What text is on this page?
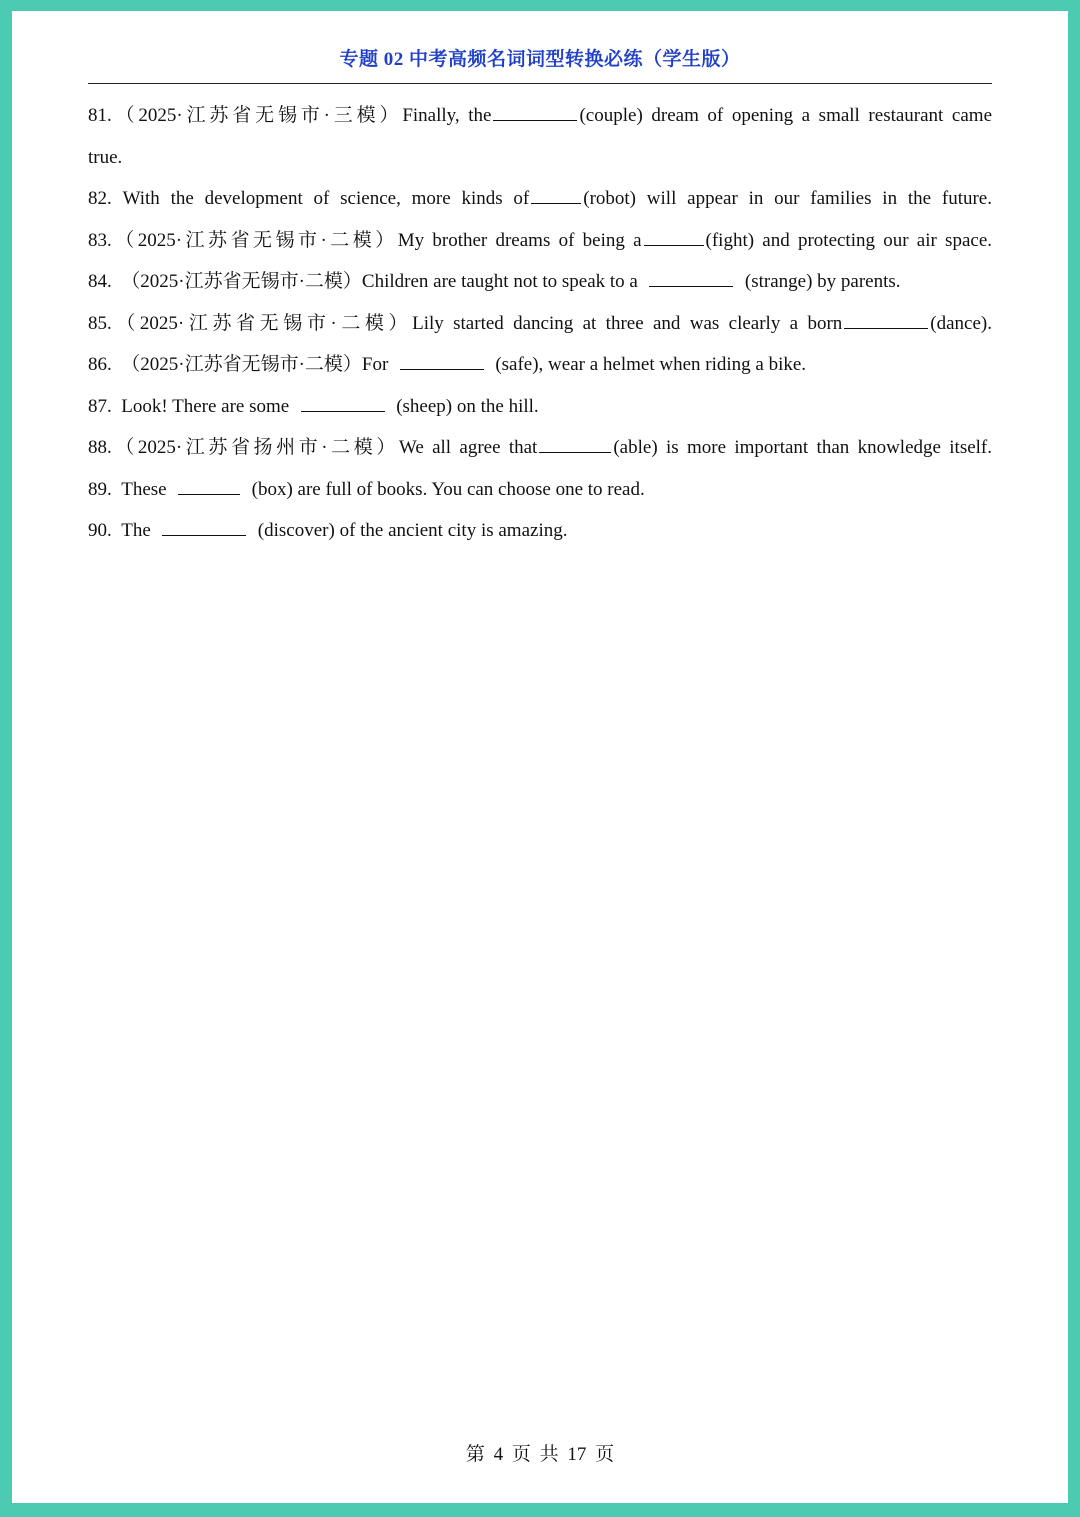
专题 02 中考高频名词词型转换必练（学生版）
81.（2025·江苏省无锡市·三模）Finally, the	(couple) dream of opening a small restaurant came
true.
82. With the development of science, more kinds of	(robot) will appear in our families in the future.
83.（2025·江苏省无锡市·二模）My brother dreams of being a	(fight) and protecting our air space.
84. （2025·江苏省无锡市·二模）Children are taught not to speak to a	(strange) by parents.
85.（2025·江苏省无锡市·二模）Lily started dancing at three and was clearly a born	(dance).
86. （2025·江苏省无锡市·二模）For	(safe), wear a helmet when riding a bike.
87. Look! There are some	(sheep) on the hill.
88.（2025·江苏省扬州市·二模）We all agree that	(able) is more important than knowledge itself.
89. These	(box) are full of books. You can choose one to read.
90. The	(discover) of the ancient city is amazing.
第 4 页 共 17 页
